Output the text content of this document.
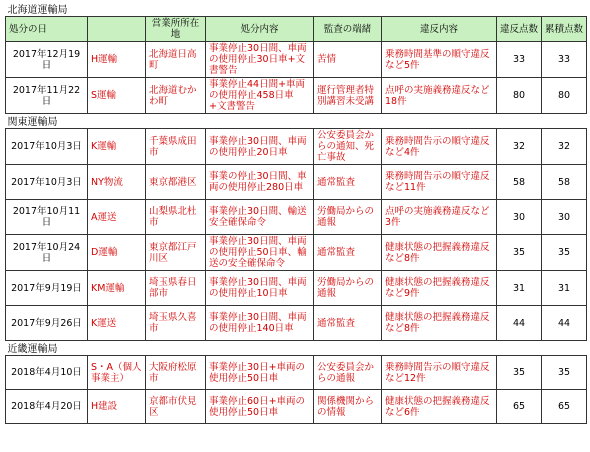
北海道運輸局							
処分の日		営業所所在地	処分内容	監査の端緒	違反内容	違反点数	累積点数
2017年12月19日	H運輸	北海道日高町	事業停止30日間、車両の使用停止30日車+文書警告	苦情	乗務時間基準の順守違反など5件	33	33
2017年11月22日	S運輸	北海道むかわ町	事業停止44日間+車両の使用停止458日車+文書警告	運行管理者特別講習未受講	点呼の実施義務違反など18件	80	80
関東運輸局							
2017年10月3日	K運輸	千葉県成田市	事業停止30日間、車両の使用停止20日車	公安委員会からの通知、死亡事故	乗務時間告示の順守違反など4件	32	32
2017年10月3日	NY物流	東京都港区	事業の停止30日間、車両の使用停止280日車	通常監査	乗務時間告示の順守違反など11件	58	58
2017年10月11日	A運送	山梨県北杜市	事業停止30日間、輸送安全確保命令	労働局からの通報	点呼の実施義務違反など3件	30	30
2017年10月24日	D運輸	東京都江戸川区	事業停止30日間、車両の使用停止50日車、輸送の安全確保命令	通常監査	健康状態の把握義務違反など8件	35	35
2017年9月19日	KM運輸	埼玉県春日部市	事業停止30日間、車両の使用停止10日車	労働局からの通報	健康状態の把握義務違反など9件	31	31
2017年9月26日	K運送	埼玉県久喜市	事業停止30日間、車両の使用停止140日車	通常監査	健康状態の把握義務違反など8件	44	44
近畿運輸局							
2018年4月10日	S・A（個人事業主）	大阪府松原市	事業停止30日+車両の使用停止50日車	公安委員会からの通報	乗務時間告示の順守違反など12件	35	35
2018年4月20日	H建設	京都市伏見区	事業停止60日+車両の使用停止50日車	関係機関からの情報	健康状態の把握義務違反など6件	65	65
